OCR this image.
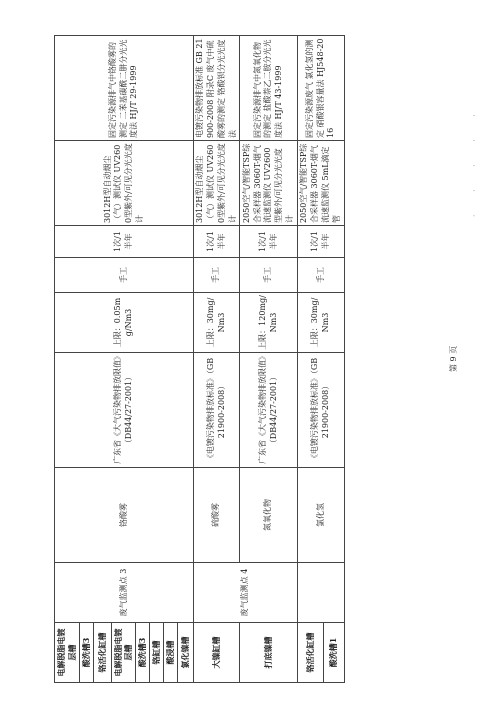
电解脱脂电镀层槽	废气监测点 3	铬酸雾	广东省《大气污染物排放限值》（DB44/27-2001）	上限：0.05mg/Nm3	手工	1次/1半年	3012H型自动烟尘（气）测试仪 UV2600型紫外/可见分光光度计	固定污染源排气中铬酸雾的测定 二苯基碳酰二肼分光光度法 HJ/T 29-1999
酸洗槽3								
铬活化缸槽								
电解脱脂电镀层槽								
酸洗槽3								
铬缸槽								
酸浸槽								
氯化镍槽								
大镍缸槽	废气监测点 4	硫酸雾	《电镀污染物排放标准》（GB 21900-2008）	上限：30mg/Nm3	手工	1次/1半年	3012H型自动烟尘（气）测试仪 UV2600型紫外/可见分光光度计	电镀污染物排放标准 GB 21900-2008 附录C 废气中硫酸雾的测定 铬酸钡分光光度法
打底镍槽		氮氧化物	广东省《大气污染物排放限值》（DB44/27-2001）	上限：120mg/Nm3	手工	1次/1半年	2050空气/智能TSP综合采样器 3060T-烟气流速监测仪 UV2600型紫外/可见分光光度计	固定污染源排气中氮氧化物的测定 盐酸萘乙二胺分光光度法 HJ/T 43-1999
铬活化缸槽		氯化氢	《电镀污染物排放标准》（GB 21900-2008）	上限：30mg/Nm3	手工	1次/1半年	2050空气/智能TSP综合采样器 3060T-烟气流速监测仪 5mL滴定管	固定污染源废气 氯化氢的测定 硝酸银容量法 HJ548-2016
酸洗槽1								
第 9 页
· · · · ·
